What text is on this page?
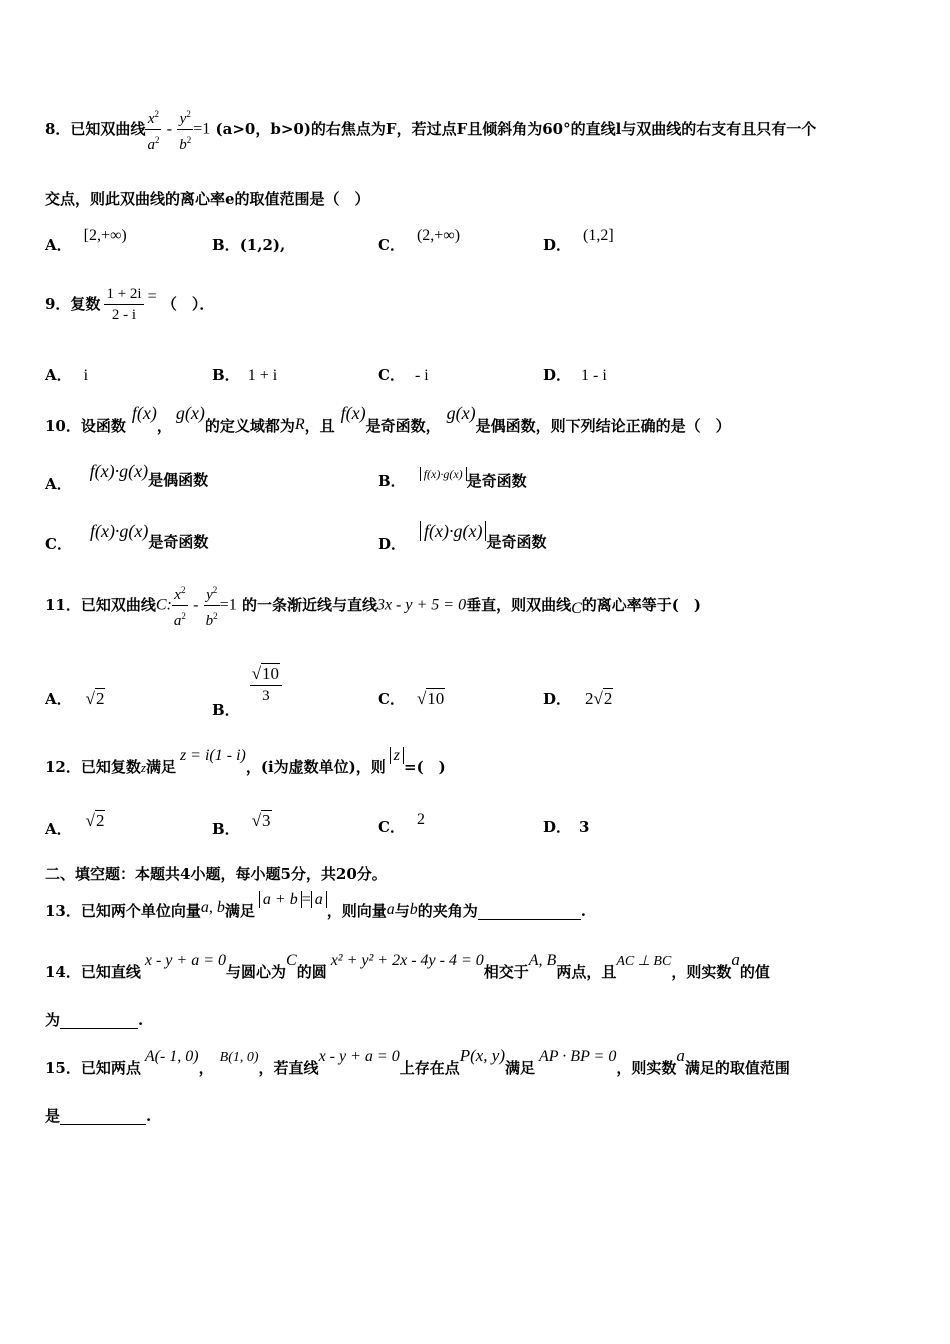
8．已知双曲线 $\frac{x^2}{a^2} - \frac{y^2}{b^2} =1$ (a>0，b>0)的右焦点为F，若过点F且倾斜角为60°的直线l与双曲线的右支有且只有一个
交点，则此双曲线的离心率e的取值范围是（　）
A．[2,+∞)
B．(1,2),	C．(2,+∞)
D．(1,2]
9．复数 $\frac{1 + 2i}{2 - i}$ = （　）．
A． i	B． 1 + i	C． - i	D． 1 - i
10．设函数f(x)，g(x)的定义域都为R，且f(x)是奇函数，g(x)是偶函数，则下列结论正确的是（　）
A．f(x)·g(x)是偶函数	B． f(x)·g(x) 是奇函数
C．f(x)·g(x)是奇函数	D．f(x)·g(x)是奇函数
11．已知双曲线C: $\frac{x^2}{a^2} - \frac{y^2}{b^2} =1$ 的一条渐近线与直线3x - y + 5 = 0垂直，则双曲线C的离心率等于(　)
A． √2
B．
$\frac{√10}{3}$	C． √10	D． 2√2
12．已知复数z满足z = i(1 - i)，(i为虚数单位)，则z=(　)
A． √2	B． √3	C． 2	D． 3
二、填空题：本题共4小题，每小题5分，共20分。
13．已知两个单位向量a, b满足a + b = a，则向量a与b的夹角为	.
14．已知直线x - y + a = 0与圆心为C的圆x² + y² + 2x - 4y - 4 = 0相交于A, B两点，且AC ⊥ BC，则实数a的值
为	.
15．已知两点A(- 1, 0)，B(1, 0)，若直线x - y + a = 0上存在点P(x, y)满足AP · BP = 0，则实数a满足的取值范围
是	.
